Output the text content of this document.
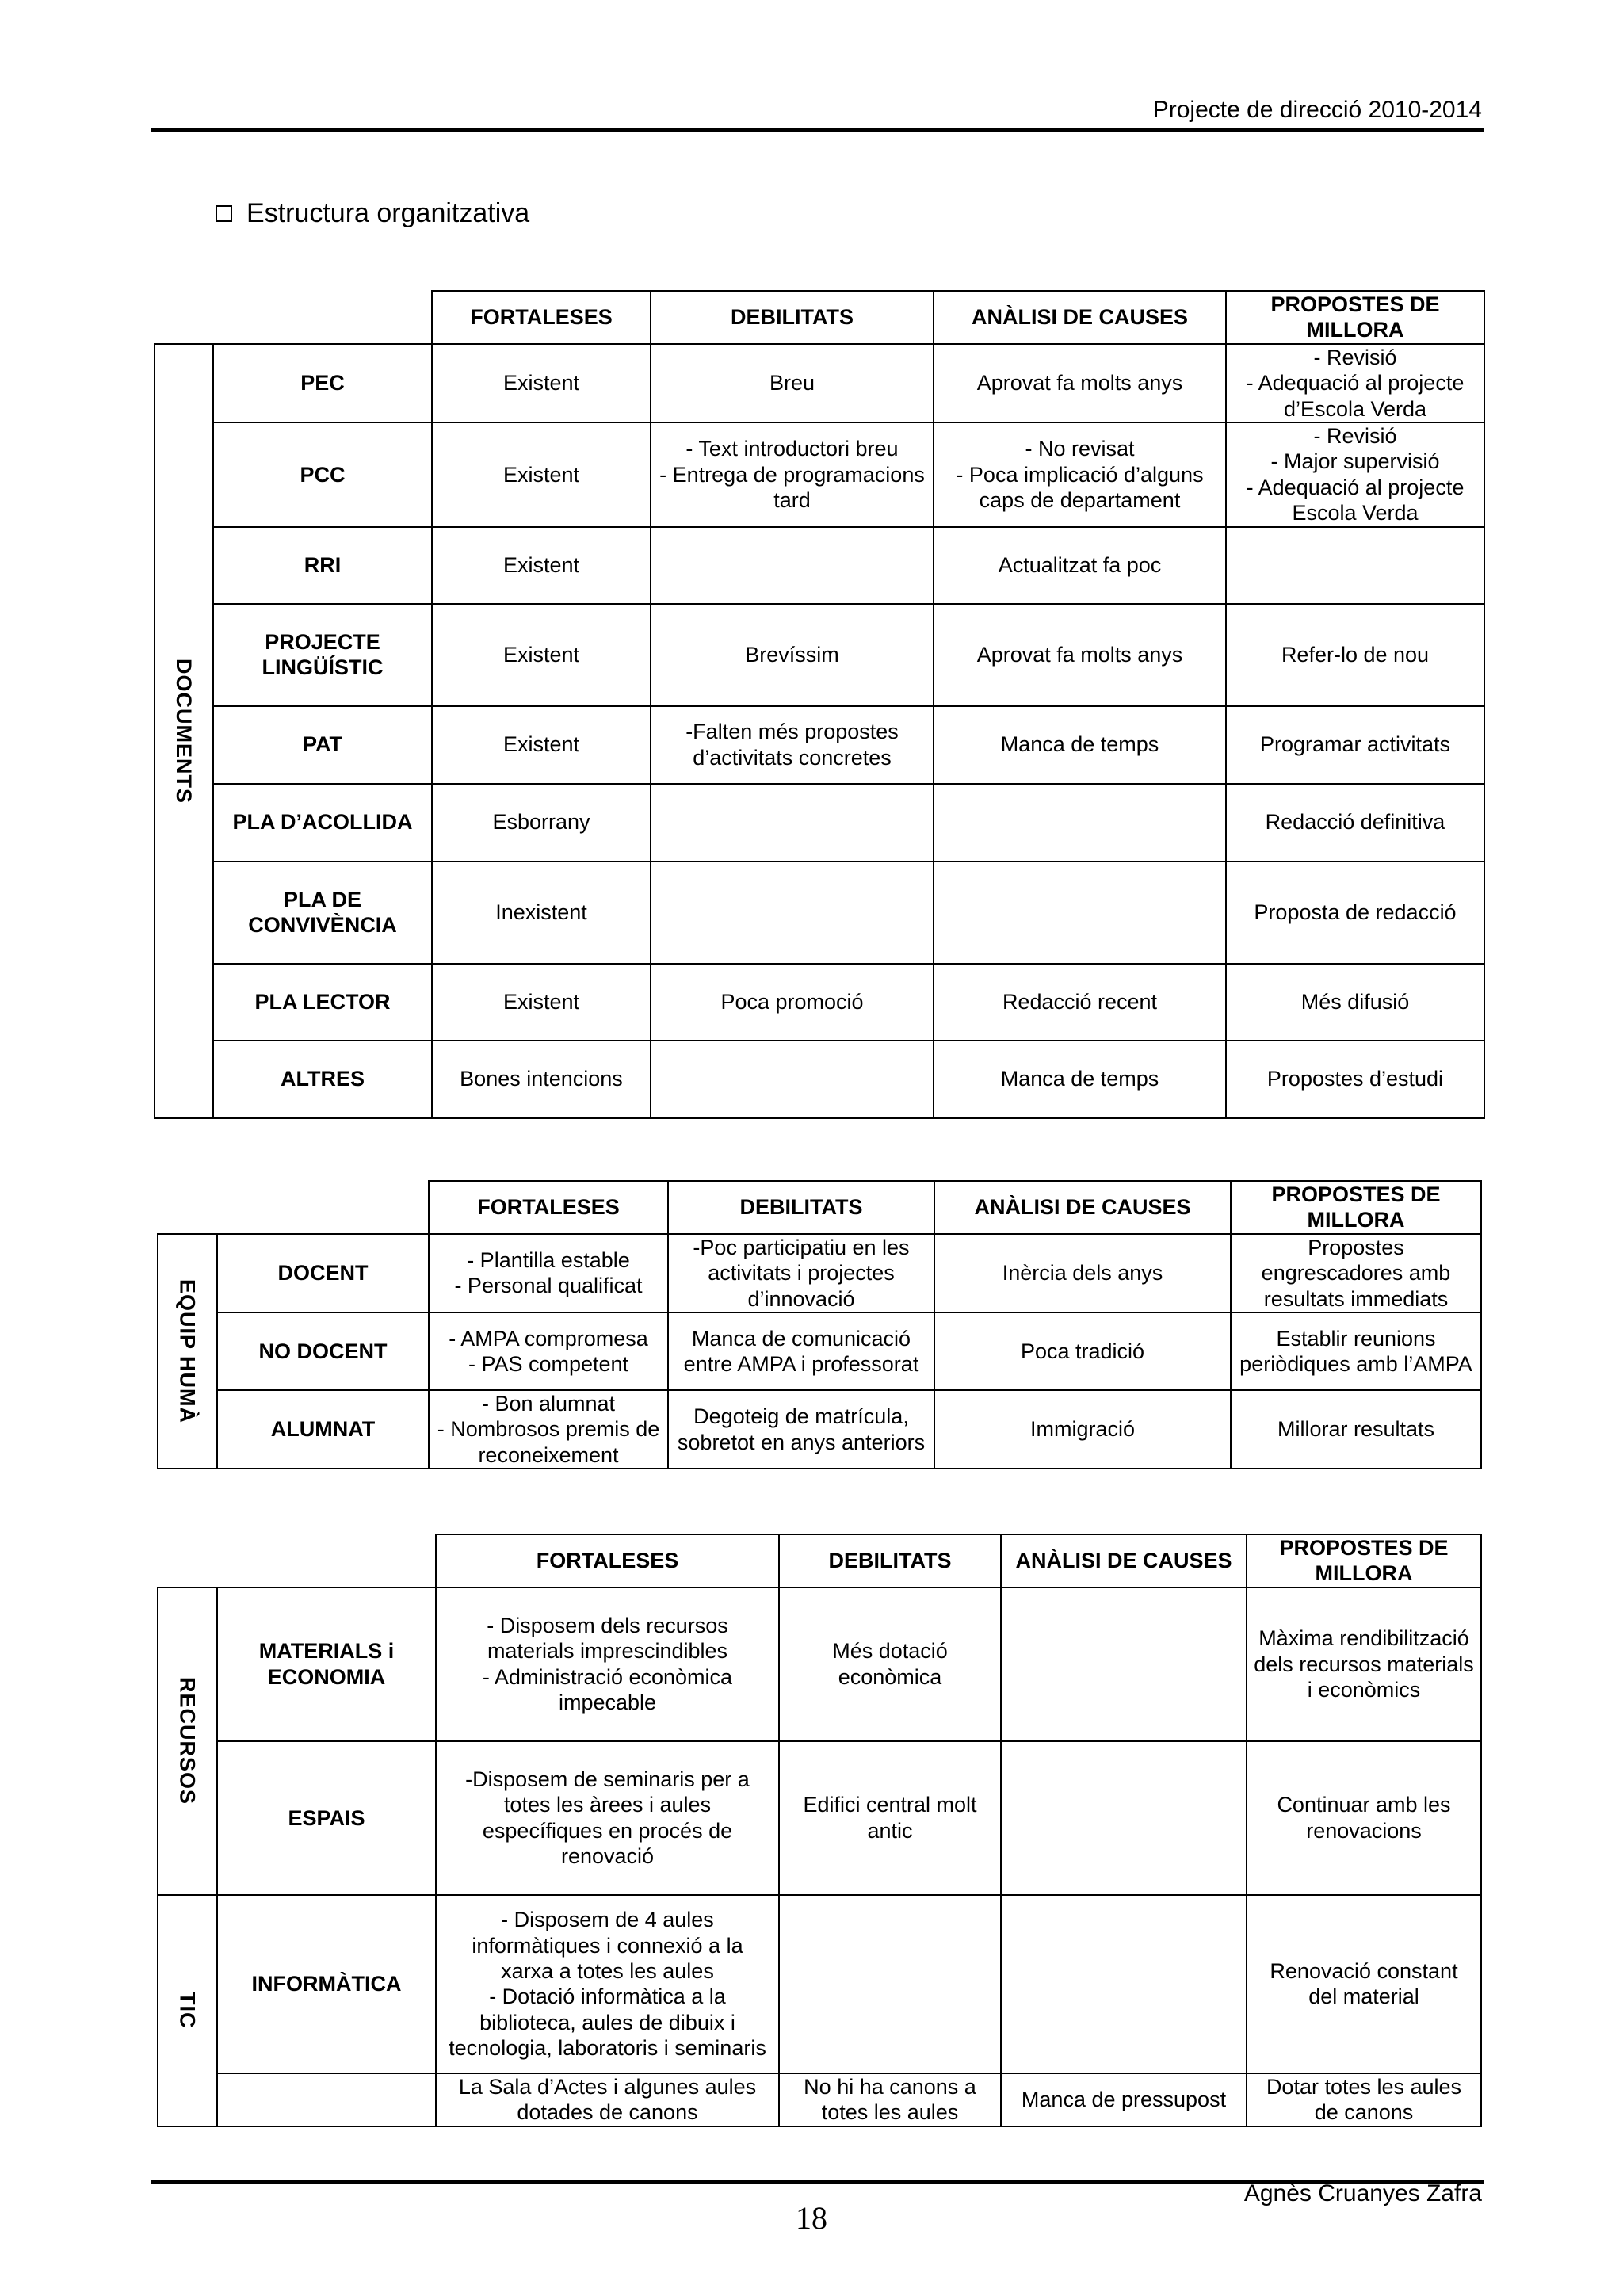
Projecte de direcció 2010-2014
Estructura organitzativa
		FORTALESES	DEBILITATS	ANÀLISI DE CAUSES	PROPOSTES DE MILLORA

DOCUMENTS	PEC	Existent	Breu	Aprovat fa molts anys	- Revisió
- Adequació al projecte d’Escola Verda
	PCC	Existent	- Text introductori breu
- Entrega de programacions tard	- No revisat
- Poca implicació d’alguns caps de departament	- Revisió
- Major supervisió
- Adequació al projecte Escola Verda
	RRI	Existent		Actualitzat fa poc	
	PROJECTE LINGÜÍSTIC	Existent	Brevíssim	Aprovat fa molts anys	Refer-lo de nou
	PAT	Existent	-Falten més propostes d’activitats concretes	Manca de temps	Programar activitats
	PLA D’ACOLLIDA	Esborrany			Redacció definitiva
	PLA DE CONVIVÈNCIA	Inexistent			Proposta de redacció
	PLA LECTOR	Existent	Poca promoció	Redacció recent	Més difusió
	ALTRES	Bones intencions		Manca de temps	Propostes d’estudi
		FORTALESES	DEBILITATS	ANÀLISI DE CAUSES	PROPOSTES DE MILLORA

EQUIP HUMÀ	DOCENT	- Plantilla estable
- Personal qualificat	-Poc participatiu en les activitats i projectes d’innovació	Inèrcia dels anys	Propostes engrescadores amb resultats immediats
	NO DOCENT	- AMPA compromesa
- PAS competent	Manca de comunicació entre AMPA i professorat	Poca tradició	Establir reunions periòdiques amb l’AMPA
	ALUMNAT	- Bon alumnat
- Nombrosos premis de reconeixement	Degoteig de matrícula, sobretot en anys anteriors	Immigració	Millorar resultats
		FORTALESES	DEBILITATS	ANÀLISI DE CAUSES	PROPOSTES DE MILLORA

RECURSOS	MATERIALS i ECONOMIA	- Disposem dels recursos materials imprescindibles
- Administració econòmica impecable	Més dotació econòmica		Màxima rendibilització dels recursos materials i econòmics
	ESPAIS	-Disposem de seminaris per a totes les àrees i aules específiques en procés de renovació	Edifici central molt antic		Continuar amb les renovacions

TIC	INFORMÀTICA	- Disposem de 4 aules informàtiques i connexió a la xarxa a totes les aules
- Dotació informàtica a la biblioteca, aules de dibuix i tecnologia, laboratoris i seminaris			Renovació constant del material
		La Sala d’Actes i algunes aules dotades de canons	No hi ha canons a totes les aules	Manca de pressupost	Dotar totes les aules de canons
Agnès Cruanyes Zafra
18
